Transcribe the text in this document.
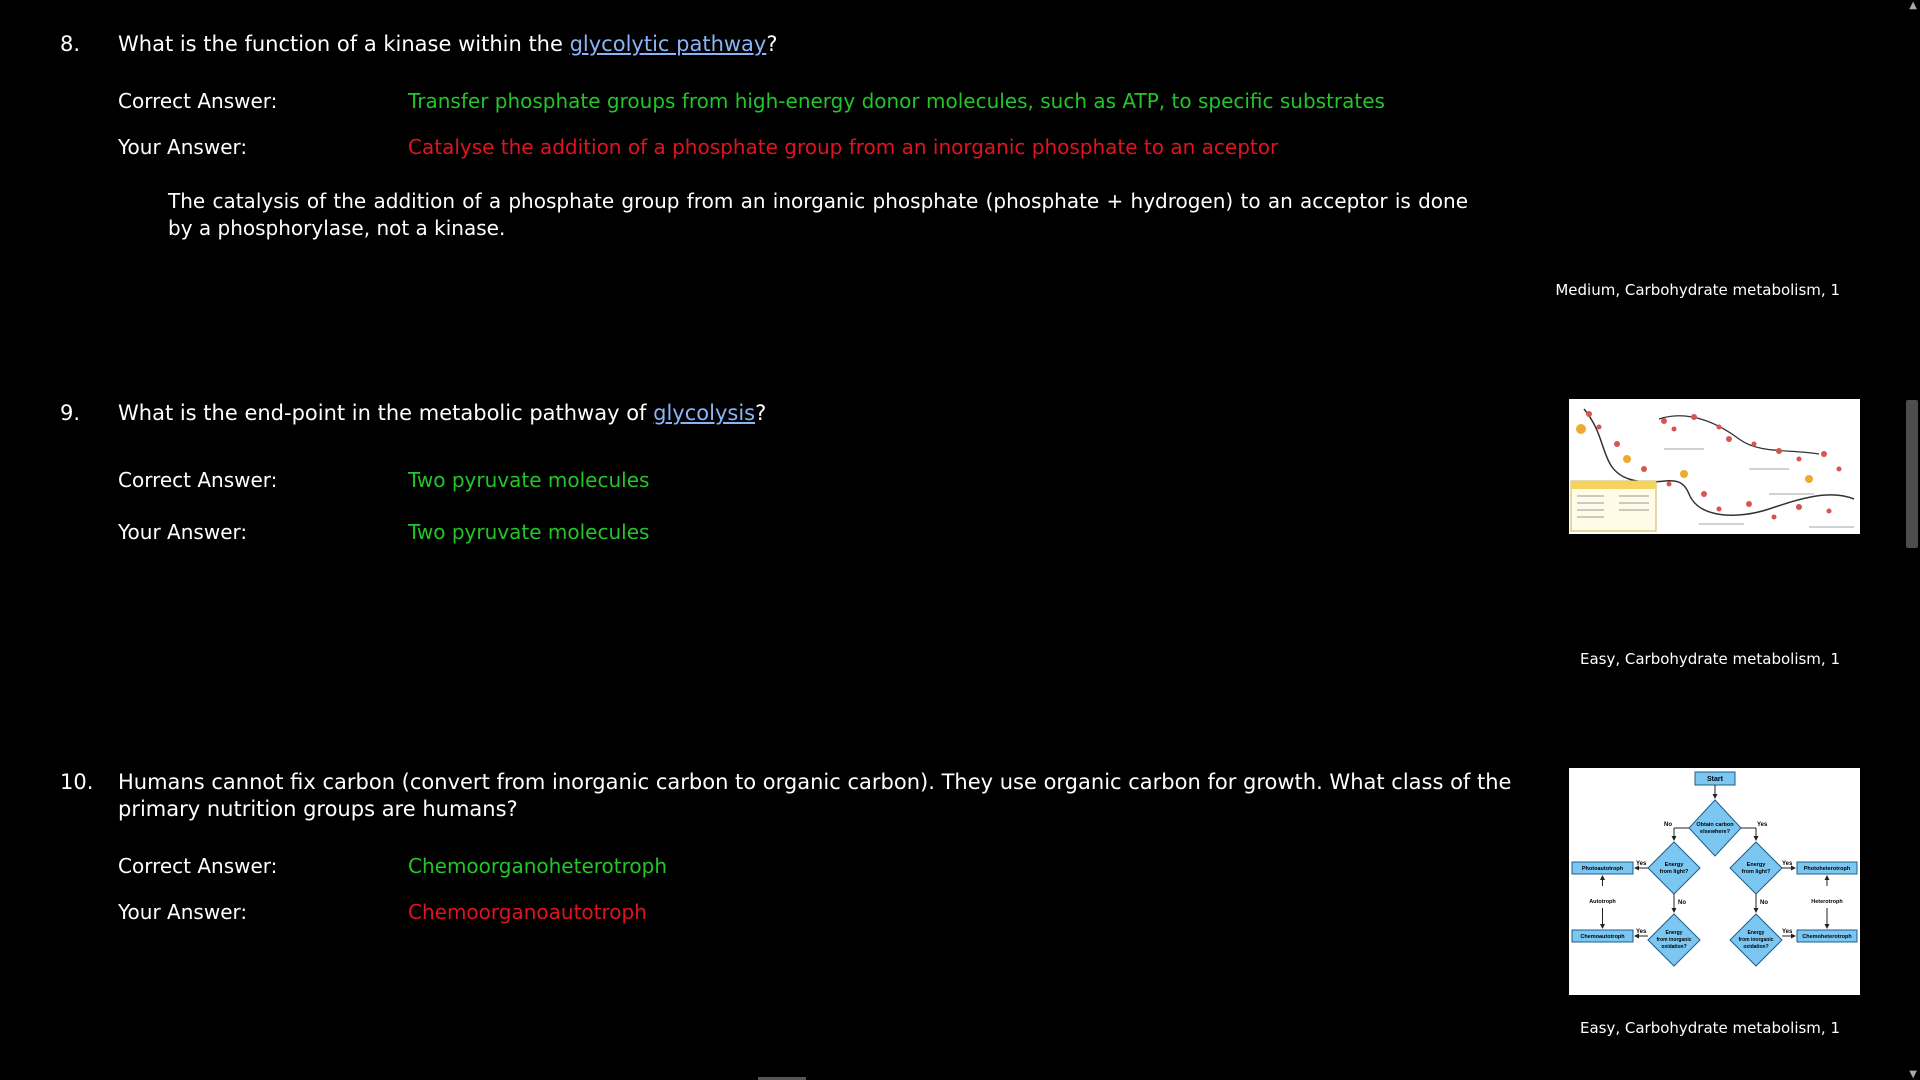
8. What is the function of a kinase within the glycolytic pathway?
Correct Answer:	Transfer phosphate groups from high-energy donor molecules, such as ATP, to specific substrates
Your Answer:	Catalyse the addition of a phosphate group from an inorganic phosphate to an aceptor
The catalysis of the addition of a phosphate group from an inorganic phosphate (phosphate + hydrogen) to an acceptor is done by a phosphorylase, not a kinase.
Medium, Carbohydrate metabolism, 1
9. What is the end-point in the metabolic pathway of glycolysis?
Correct Answer:	Two pyruvate molecules
Your Answer:	Two pyruvate molecules
Easy, Carbohydrate metabolism, 1
10. Humans cannot fix carbon (convert from inorganic carbon to organic carbon). They use organic carbon for growth. What class of the primary nutrition groups are humans?
Correct Answer:	Chemoorganoheterotroph
Your Answer:	Chemoorganoautotroph
Start
Obtain carbon
elsewhere?
No	Yes
Energy
from light?
Energy
from light?
Yes
Photoautotroph
Yes
Photoheterotroph
No	No
Autotroph	Heterotroph
Energy
from inorganic
oxidation?
Energy
from inorganic
oxidation?
Yes
Chemoautotroph
Yes
Chemoheterotroph
Easy, Carbohydrate metabolism, 1
▲
▼
